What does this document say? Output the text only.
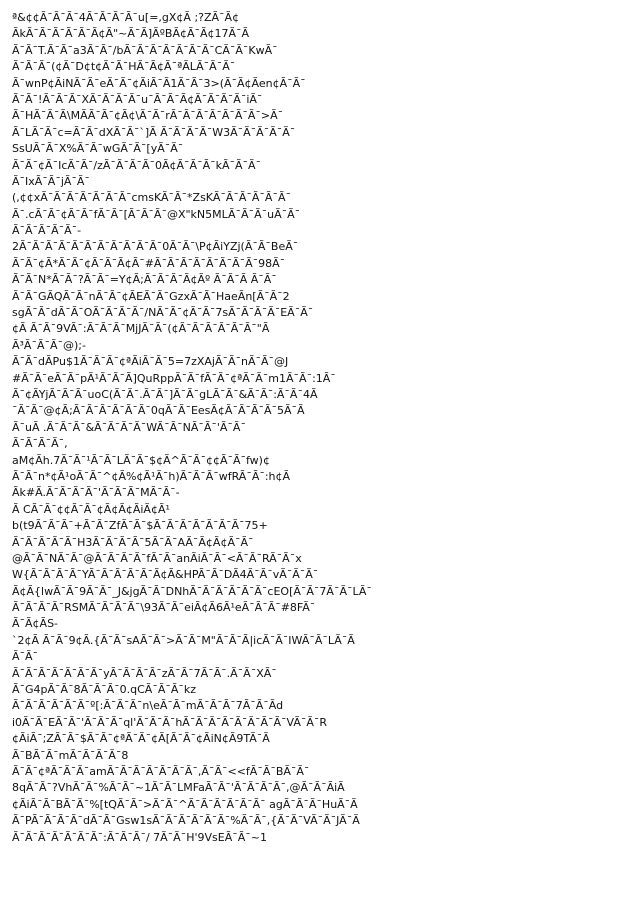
ª&¢¢Ã¯Ã¯Ã¯4Ã¯Ã¯Ã¯Ã¯u[=,gX¢Ã ;?ZÃ¯Ã¢
ÃkÃ¯Ã¯Ã¯Ã¯Ã¯Ã¢Ã"~Ã¯Ã]ÃºBÃ¢Ã¯Ã¢17Ã¯Ã
Ã¯Ã¯T.Ã¯Ã¯a3Ã¯Ã¯/bÃ¯Ã¯Ã¯Ã¯Ã¯Ã¯Ã¯CÃ¯Ã¯KwÃ¯
Ã¯Ã¯Ã¯(¢Ã¯D¢t¢Ã¯Ã¯HÃ¯Ã¢Ã¯ªÃLÃ¯Ã¯Ã¯
Ã¯wnP¢ÃiNÃ¯Ã¯eÃ¯Ã¯¢ÃiÃ¯Ã1Ã¯Ã¯3>(Ã¯Ã¢Ãen¢Ã¯Ã¯
Ã¯Ã¯!Ã¯Ã¯Ã¯XÃ¯Ã¯Ã¯Ã¯u¯Ã¯Ã¯Ã¢Ã¯Ã¯Ã¯Ã¯iÃ¯
Ã¯HÃ¯Ã¯Ã\MÃÃ¯Ã¯¢Ã¢\Ã¯Ã¯rÃ¯Ã¯Ã¯Ã¯Ã¯Ã¯Ã¯>Ã¯
Ã¯LÃ¯Ã¯c=Ã¯Ã¯dXÃ¯Ã¯`]Ã Ã¯Ã¯Ã¯Ã¯W3Ã¯Ã¯Ã¯Ã¯Ã¯
SsUÃ¯Ã¯X%Ã¯Ã¯wGÃ¯Ã¯[yÃ¯Ã¯
Ã¯Ã¯¢Ã¯IcÃ¯Ã¯/zÃ¯Ã¯Ã¯Ã¯0Ã¢Ã¯Ã¯Ã¯kÃ¯Ã¯Ã¯
Ã¯IxÃ¯Ã¯jÃ¯Ã¯
(,¢¢xÃ¯Ã¯Ã¯Ã¯Ã¯Ã¯Ã¯cmsKÃ¯Ã¯*ZsKÃ¯Ã¯Ã¯Ã¯Ã¯Ã¯
Ã¯.cÃ¯Ã¯¢Ã¯Ã¯fÃ¯Ã¯[Ã¯Ã¯Ã¯@X"kN5MLÃ¯Ã¯Ã¯uÃ¯Ã¯
Ã¯Ã¯Ã¯Ã¯Ã¯-
2Ã¯Ã¯Ã¯Ã¯Ã¯Ã¯Ã¯Ã¯Ã¯Ã¯Ã¯0Ã¯Ã¯\P¢ÃiYZj(Ã¯Ã¯BeÃ¯
Ã¯Ã¯¢Ã*Ã¯Ã¯¢Ã¯Ã¯Ã¢Ã¯#Ã¯Ã¯Ã¯Ã¯Ã¯Ã¯Ã¯Ã¯98Ã¯
Ã¯Ã¯N*Ã¯Ã¯?Ã¯Ã¯=Y¢Ã;Ã¯Ã¯Ã¯Ã¢Ãº Ã¯Ã¯Ã Ã¯Ã¯
Ã¯Ã¯GÃQÃ¯Ã¯nÃ¯Ã¯¢ÃEÃ¯Ã¯GzxÃ¯Ã¯HaeÃn[Ã¯Ã¯2
sgÃ¯Ã¯dÃ¯Ã¯OÃ¯Ã¯Ã¯Ã¯/NÃ¯Ã¯¢Ã¯Ã¯7sÃ¯Ã¯Ã¯Ã¯EÃ¯Ã¯
¢Ã Ã¯Ã¯9VÃ¯:Ã¯Ã¯Ã¯MjJÃ¯Ã¯(¢Ã¯Ã¯Ã¯Ã¯Ã¯Ã¯"Ã
Ã³Ã¯Ã¯Ã¯@);-
Ã¯Ã¯dÃPu$1Ã¯Ã¯Ã¯¢ªÃiÃ¯Ã¯5=7zXAjÃ¯Ã¯nÃ¯Ã¯@J
#Ã¯Ã¯eÃ¯Ã¯pÃ¹Ã¯Ã¯Ã]QuRppÃ¯Ã¯fÃ¯Ã¯¢ªÃ¯Ã¯m1Ã¯Ã¯:1Ã¯
Ã¯¢ÃYjÃ¯Ã¯Ã¯uoC(Ã¯Ã¯.Ã¯Ã¯]Ã¯Ã¯gLÃ¯Ã¯&Ã¯Ã¯:Ã¯Ã¯4Ã
¯Ã¯Ã¯@¢Ã;Ã¯Ã¯Ã¯Ã¯Ã¯Ã¯0qÃ¯Ã¯EesÃ¢Ã¯Ã¯Ã¯Ã¯5Ã¯Ã
Ã¯uÃ .Ã¯Ã¯Ã¯&Ã¯Ã¯Ã¯Ã¯WÃ¯Ã¯NÃ¯Ã¯'Ã¯Ã¯
Ã¯Ã¯Ã¯Ã¯,
aM¢Ãh.7Ã¯Ã¯¹Ã¯Ã¯LÃ¯Ã¯$¢Ã^Ã¯Ã¯¢¢Ã¯Ã¯fw)¢
Ã¯Ã¯n*¢Ã¹oÃ¯Ã¯^¢Ã%¢Ã¹Ã¯h)Ã¯Ã¯Ã¯wfRÃ¯Ã¯:h¢Ã
Ãk#Ã.Ã¯Ã¯Ã¯Ã¯'Ã¯Ã¯Ã¯MÃ¯Ã¯-
Ã CÃ¯Ã¯¢¢Ã¯Ã¯¢Ã¢Ã¢ÃiÃ¢Ã¹
b(t9Ã¯Ã¯Ã¯+Ã¯Ã¯ZfÃ¯Ã¯$Ã¯Ã¯Ã¯Ã¯Ã¯Ã¯Ã¯75+
Ã¯Ã¯Ã¯Ã¯Ã¯H3Ã¯Ã¯Ã¯Ã¯5Ã¯Ã¯AÃ¯Ã¢Ã¢Ã¯Ã¯
@Ã¯Ã¯NÃ¯Ã¯@Ã¯Ã¯Ã¯Ã¯fÃ¯Ã¯anÃiÃ¯Ã¯<Ã¯Ã¯RÃ¯Ã¯x
W{Ã¯Ã¯Ã¯Ã¯YÃ¯Ã¯Ã¯Ã¯Ã¯Ã¢Ã&HPÃ¯Ã¯DÃ4Ã¯Ã¯vÃ¯Ã¯Ã¯
Ã¢Ã{lwÃ¯Ã¯9Ã¯Ã¯_J&jgÃ¯Ã¯DNhÃ¯Ã¯Ã¯Ã¯Ã¯Ã¯cEO[Ã¯Ã¯7Ã¯Ã¯LÃ¯
Ã¯Ã¯Ã¯Ã¯RSMÃ¯Ã¯Ã¯Ã¯\93Ã¯Ã¯eiÃ¢Ã6Ã¹eÃ¯Ã¯Ã¯#8FÃ¯
Ã¯Ã¢ÃS-
`2¢Ã Ã¯Ã¯9¢Ã.{Ã¯Ã¯sAÃ¯Ã¯>Ã¯Ã¯M"Ã¯Ã¯Ã|icÃ¯Ã¯IWÃ¯Ã¯LÃ¯Ã
Ã¯Ã¯
Ã¯Ã¯Ã¯Ã¯Ã¯Ã¯Ã¯yÃ¯Ã¯Ã¯Ã¯zÃ¯Ã¯7Ã¯Ã¯.Ã¯Ã¯XÃ¯
Ã¯G4pÃ¯Ã¯8Ã¯Ã¯Ã¯0.qCÃ¯Ã¯Ã¯kz
Ã¯Ã¯Ã¯Ã¯Ã¯Ã¯º[:Ã¯Ã¯Ã¯n\eÃ¯Ã¯mÃ¯Ã¯Ã¯7Ã¯Ã¯Ãd
i0Ã¯Ã¯EÃ¯Ã¯'Ã¯Ã¯Ã¯ql'Ã¯Ã¯Ã¯hÃ¯Ã¯Ã¯Ã¯Ã¯Ã¯Ã¯Ã¯VÃ¯Ã¯R
¢ÃiÃ¯;ZÃ¯Ã¯$Ã¯Ã¯¢ªÃ¯Ã¯¢Ã[Ã¯Ã¯¢ÃiN¢Ã9TÃ¯Ã
Ã¯BÃ¯Ã¯mÃ¯Ã¯Ã¯Ã¯8
Ã¯Ã¯¢ªÃ¯Ã¯Ã¯amÃ¯Ã¯Ã¯Ã¯Ã¯Ã¯Ã¯,Ã¯Ã¯<<fÃ¯Ã¯BÃ¯Ã¯
8qÃ¯Ã¯?VhÃ¯Ã¯%Ã¯Ã¯~1Ã¯Ã¯LMFaÃ¯Ã¯'Ã¯Ã¯Ã¯Ã¯,@Ã¯Ã¯ÃiÃ
¢ÃiÃ¯Ã¯BÃ¯Ã¯%[tQÃ¯Ã¯>Ã¯Ã¯^Ã¯Ã¯Ã¯Ã¯Ã¯Ã¯ agÃ¯Ã¯Ã¯HuÃ¯Ã
Ã¯PÃ¯Ã¯Ã¯Ã¯dÃ¯Ã¯Gsw1sÃ¯Ã¯Ã¯Ã¯Ã¯Ã¯%Ã¯Ã¯,{Ã¯Ã¯VÃ¯Ã¯JÃ¯Ã
Ã¯Ã¯Ã¯Ã¯Ã¯Ã¯Ã¯:Ã¯Ã¯Ã¯/ 7Ã¯Ã¯H'9VsEÃ¯Ã¯~1
